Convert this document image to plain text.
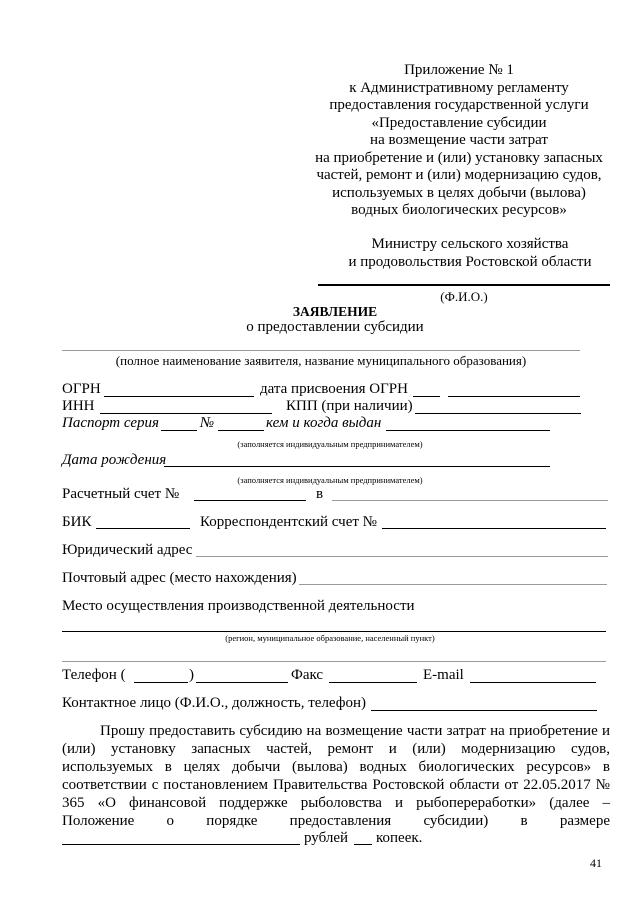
Приложение № 1
к Административному регламенту
предоставления государственной услуги
«Предоставление субсидии
на возмещение части затрат
на приобретение и (или) установку запасных
частей, ремонт и (или) модернизацию судов,
используемых в целях добычи (вылова)
водных биологических ресурсов»
Министру сельского хозяйства
и продовольствия Ростовской области
(Ф.И.О.)
ЗАЯВЛЕНИЕ
о предоставлении субсидии
(полное наименование заявителя, название муниципального образования)
ОГРН	дата присвоения ОГРН
ИНН	КПП (при наличии)
Паспорт серия	№	кем и когда выдан
(заполняется индивидуальным предпринимателем)
Дата рождения
(заполняется индивидуальным предпринимателем)
Расчетный счет №	в
БИК	Корреспондентский счет №
Юридический адрес
Почтовый адрес (место нахождения)
Место осуществления производственной деятельности
(регион, муниципальное образование, населенный пункт)
Телефон (	)	Факс	E-mail
Контактное лицо (Ф.И.О., должность, телефон)
Прошу предоставить субсидию на возмещение части затрат на приобретение и
(или) установку запасных частей, ремонт и (или) модернизацию судов,
используемых в целях добычи (вылова) водных биологических ресурсов» в
соответствии с постановлением Правительства Ростовской области от 22.05.2017 №
365 «О финансовой поддержке рыболовства и рыбопереработки» (далее –
Положение о порядке предоставления субсидии) в размере
рублей копеек.
41
